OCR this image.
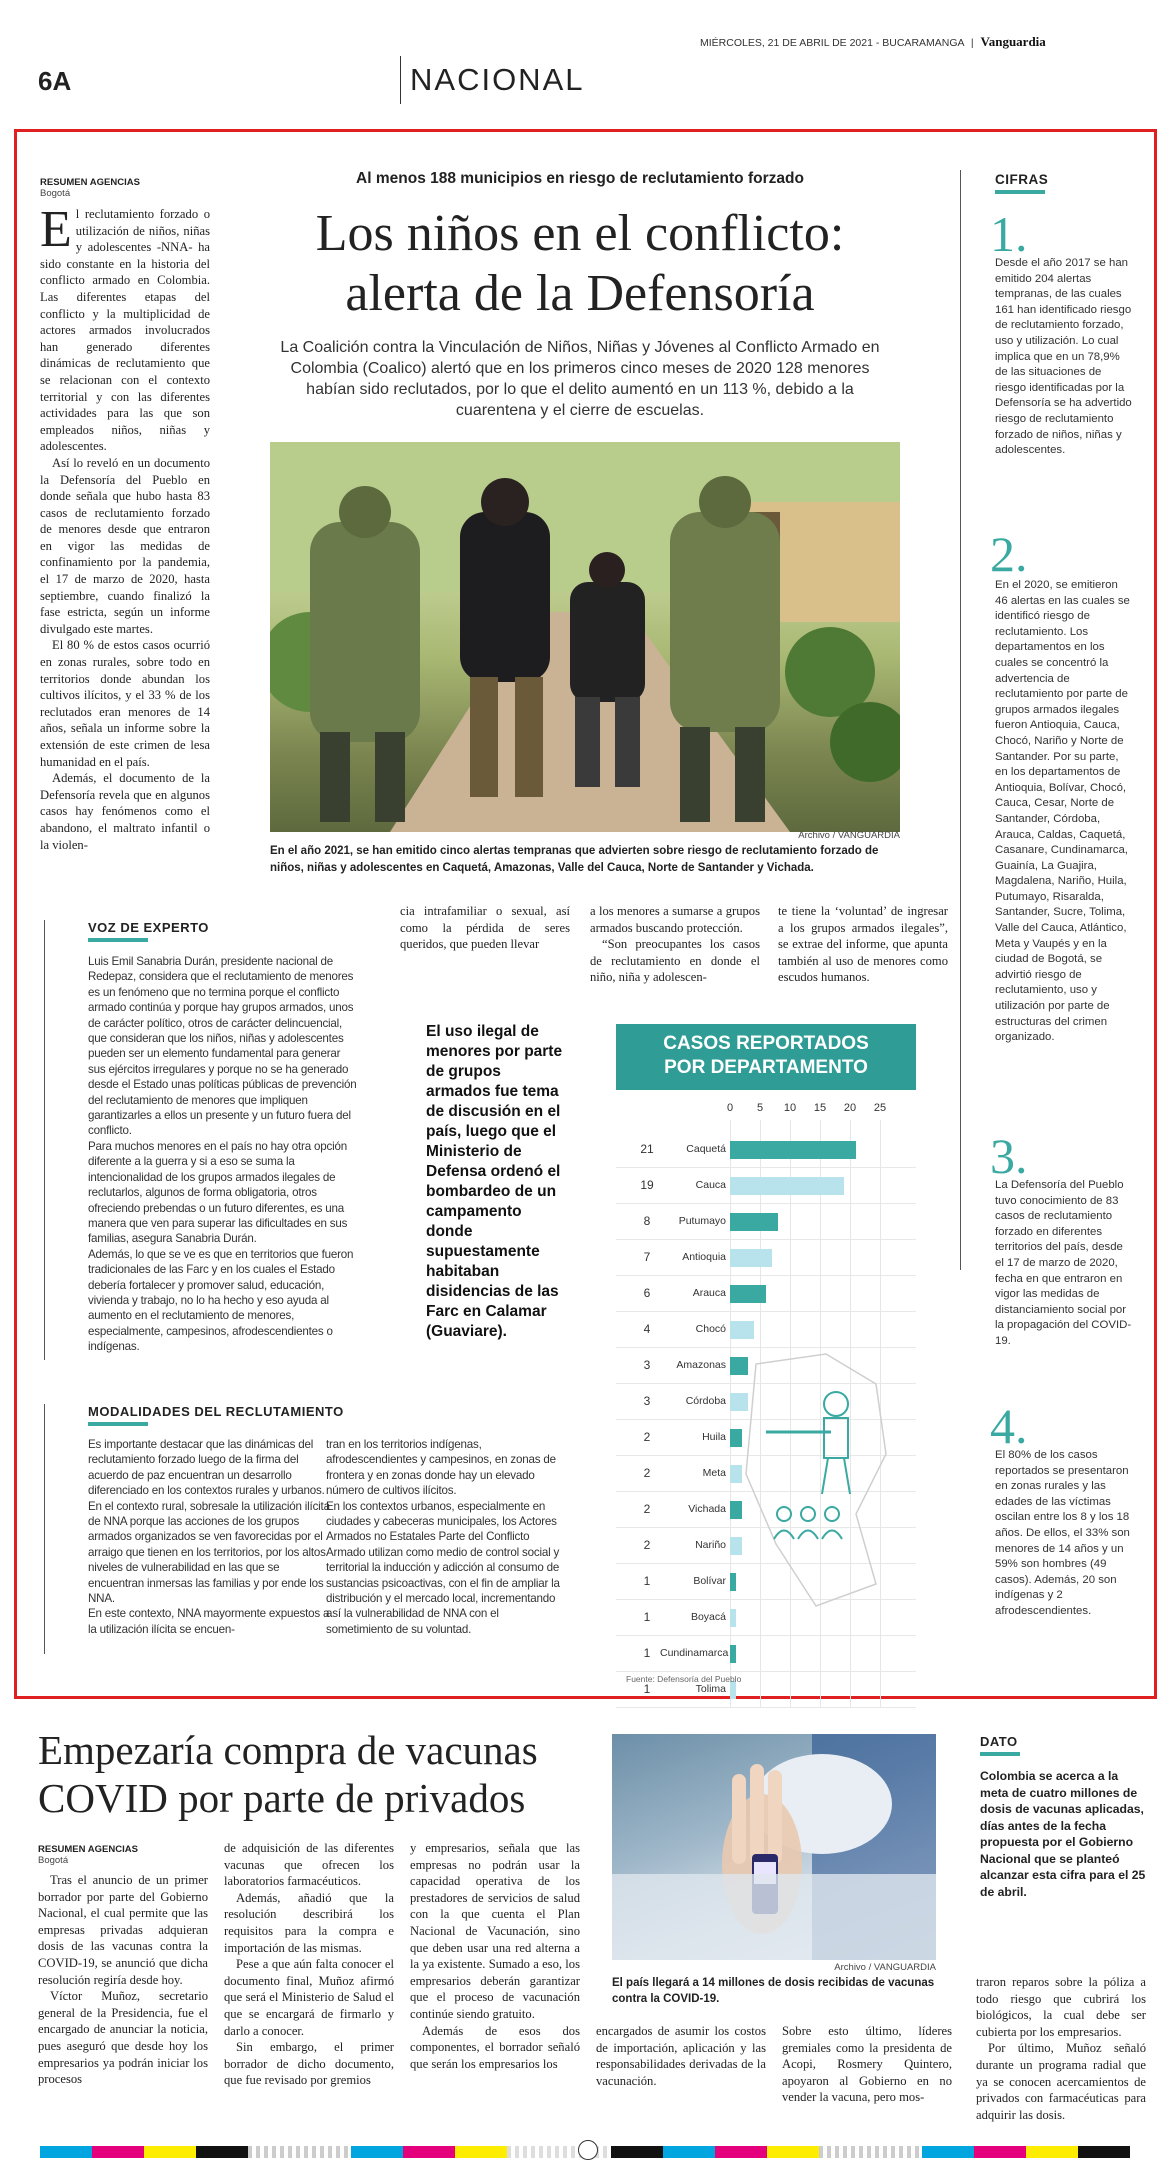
MIÉRCOLES, 21 DE ABRIL DE 2021 - BUCARAMANGA | Vanguardia
6A	NACIONAL
RESUMEN AGENCIAS
Bogotá
E l reclutamiento forzado o utilización de niños, niñas y adolescentes -NNA- ha sido constante en la historia del conflicto armado en Colombia. Las diferentes etapas del conflicto y la multiplicidad de actores armados involucrados han generado diferentes dinámicas de reclutamiento que se relacionan con el contexto territorial y con las diferentes actividades para las que son empleados niños, niñas y adolescentes.

Así lo reveló en un documento la Defensoría del Pueblo en donde señala que hubo hasta 83 casos de reclutamiento forzado de menores desde que entraron en vigor las medidas de confinamiento por la pandemia, el 17 de marzo de 2020, hasta septiembre, cuando finalizó la fase estricta, según un informe divulgado este martes.

El 80 % de estos casos ocurrió en zonas rurales, sobre todo en territorios donde abundan los cultivos ilícitos, y el 33 % de los reclutados eran menores de 14 años, señala un informe sobre la extensión de este crimen de lesa humanidad en el país.

Además, el documento de la Defensoría revela que en algunos casos hay fenómenos como el abandono, el maltrato infantil o la violen-

Al menos 188 municipios en riesgo de reclutamiento forzado
Los niños en el conflicto: alerta de la Defensoría
La Coalición contra la Vinculación de Niños, Niñas y Jóvenes al Conflicto Armado en Colombia (Coalico) alertó que en los primeros cinco meses de 2020 128 menores habían sido reclutados, por lo que el delito aumentó en un 113 %, debido a la cuarentena y el cierre de escuelas.
Archivo / VANGUARDIA
En el año 2021, se han emitido cinco alertas tempranas que advierten sobre riesgo de reclutamiento forzado de niños, niñas y adolescentes en Caquetá, Amazonas, Valle del Cauca, Norte de Santander y Vichada.

cia intrafamiliar o sexual, así como la pérdida de seres queridos, que pueden llevar

a los menores a sumarse a grupos armados buscando protección.

“Son preocupantes los casos de reclutamiento en donde el niño, niña y adolescen-

te tiene la ‘voluntad’ de ingresar a los grupos armados ilegales”, se extrae del informe, que apunta también al uso de menores como escudos humanos.

VOZ DE EXPERTO

Luis Emil Sanabria Durán, presidente nacional de Redepaz, considera que el reclutamiento de menores es un fenómeno que no termina porque el conflicto armado continúa y porque hay grupos armados, unos de carácter político, otros de carácter delincuencial, que consideran que los niños, niñas y adolescentes pueden ser un elemento fundamental para generar sus ejércitos irregulares y porque no se ha generado desde el Estado unas políticas públicas de prevención del reclutamiento de menores que impliquen garantizarles a ellos un presente y un futuro fuera del conflicto.

Para muchos menores en el país no hay otra opción diferente a la guerra y si a eso se suma la intencionalidad de los grupos armados ilegales de reclutarlos, algunos de forma obligatoria, otros ofreciendo prebendas o un futuro diferentes, es una manera que ven para superar las dificultades en sus familias, asegura Sanabria Durán.

Además, lo que se ve es que en territorios que fueron tradicionales de las Farc y en los cuales el Estado debería fortalecer y promover salud, educación, vivienda y trabajo, no lo ha hecho y eso ayuda al aumento en el reclutamiento de menores, especialmente, campesinos, afrodescendientes o indígenas.

El uso ilegal de menores por parte de grupos armados fue tema de discusión en el país, luego que el Ministerio de Defensa ordenó el bombardeo de un campamento donde supuestamente habitaban disidencias de las Farc en Calamar (Guaviare).
CASOS REPORTADOS POR DEPARTAMENTO
0	5	10	15	20	25
21	Caquetá
19	Cauca
8	Putumayo
7	Antioquia
6	Arauca
4	Chocó
3	Amazonas
3	Córdoba
2	Huila
2	Meta
2	Vichada
2	Nariño
1	Bolívar
1	Boyacá
1 Cundinamarca
1	Tolima
Fuente: Defensoría del Pueblo
MODALIDADES DEL RECLUTAMIENTO

Es importante destacar que las dinámicas del reclutamiento forzado luego de la firma del acuerdo de paz encuentran un desarrollo diferenciado en los contextos rurales y urbanos.

En el contexto rural, sobresale la utilización ilícita de NNA porque las acciones de los grupos armados organizados se ven favorecidas por el arraigo que tienen en los territorios, por los altos niveles de vulnerabilidad en las que se encuentran inmersas las familias y por ende los NNA.

En este contexto, NNA mayormente expuestos a la utilización ilícita se encuen-

tran en los territorios indígenas, afrodescendientes y campesinos, en zonas de frontera y en zonas donde hay un elevado número de cultivos ilícitos.

En los contextos urbanos, especialmente en ciudades y cabeceras municipales, los Actores Armados no Estatales Parte del Conflicto Armado utilizan como medio de control social y territorial la inducción y adicción al consumo de sustancias psicoactivas, con el fin de ampliar la distribución y el mercado local, incrementando así la vulnerabilidad de NNA con el sometimiento de su voluntad.

CIFRAS
1.
Desde el año 2017 se han emitido 204 alertas tempranas, de las cuales 161 han identificado riesgo de reclutamiento forzado, uso y utilización. Lo cual implica que en un 78,9% de las situaciones de riesgo identificadas por la Defensoría se ha advertido riesgo de reclutamiento forzado de niños, niñas y adolescentes.
2.
En el 2020, se emitieron 46 alertas en las cuales se identificó riesgo de reclutamiento. Los departamentos en los cuales se concentró la advertencia de reclutamiento por parte de grupos armados ilegales fueron Antioquia, Cauca, Chocó, Nariño y Norte de Santander. Por su parte, en los departamentos de Antioquia, Bolívar, Chocó, Cauca, Cesar, Norte de Santander, Córdoba, Arauca, Caldas, Caquetá, Casanare, Cundinamarca, Guainía, La Guajira, Magdalena, Nariño, Huila, Putumayo, Risaralda, Santander, Sucre, Tolima, Valle del Cauca, Atlántico, Meta y Vaupés y en la ciudad de Bogotá, se advirtió riesgo de reclutamiento, uso y utilización por parte de estructuras del crimen organizado.
3.
La Defensoría del Pueblo tuvo conocimiento de 83 casos de reclutamiento forzado en diferentes territorios del país, desde el 17 de marzo de 2020, fecha en que entraron en vigor las medidas de distanciamiento social por la propagación del COVID-19.
4.
El 80% de los casos reportados se presentaron en zonas rurales y las edades de las víctimas oscilan entre los 8 y los 18 años. De ellos, el 33% son menores de 14 años y un 59% son hombres (49 casos). Además, 20 son indígenas y 2 afrodescendientes.
Empezaría compra de vacunas COVID por parte de privados
RESUMEN AGENCIAS
Bogotá

Tras el anuncio de un primer borrador por parte del Gobierno Nacional, el cual permite que las empresas privadas adquieran dosis de las vacunas contra la COVID-19, se anunció que dicha resolución regiría desde hoy.

Víctor Muñoz, secretario general de la Presidencia, fue el encargado de anunciar la noticia, pues aseguró que desde hoy los empresarios ya podrán iniciar los procesos

de adquisición de las diferentes vacunas que ofrecen los laboratorios farmacéuticos.

Además, añadió que la resolución describirá los requisitos para la compra e importación de las mismas.

Pese a que aún falta conocer el documento final, Muñoz afirmó que será el Ministerio de Salud el que se encargará de firmarlo y darlo a conocer.

Sin embargo, el primer borrador de dicho documento, que fue revisado por gremios

y empresarios, señala que las empresas no podrán usar la capacidad operativa de los prestadores de servicios de salud con la que cuenta el Plan Nacional de Vacunación, sino que deben usar una red alterna a la ya existente. Sumado a eso, los empresarios deberán garantizar que el proceso de vacunación continúe siendo gratuito.

Además de esos dos componentes, el borrador señaló que serán los empresarios los

Archivo / VANGUARDIA
El país llegará a 14 millones de dosis recibidas de vacunas contra la COVID-19.

encargados de asumir los costos de importación, aplicación y las responsabilidades derivadas de la vacunación.

Sobre esto último, líderes gremiales como la presidenta de Acopi, Rosmery Quintero, apoyaron al Gobierno en no vender la vacuna, pero mos-

traron reparos sobre la póliza a todo riesgo que cubrirá los biológicos, la cual debe ser cubierta por los empresarios.

Por último, Muñoz señaló durante un programa radial que ya se conocen acercamientos de privados con farmacéuticas para adquirir las dosis.

DATO
Colombia se acerca a la meta de cuatro millones de dosis de vacunas aplicadas, días antes de la fecha propuesta por el Gobierno Nacional que se planteó alcanzar esta cifra para el 25 de abril.
